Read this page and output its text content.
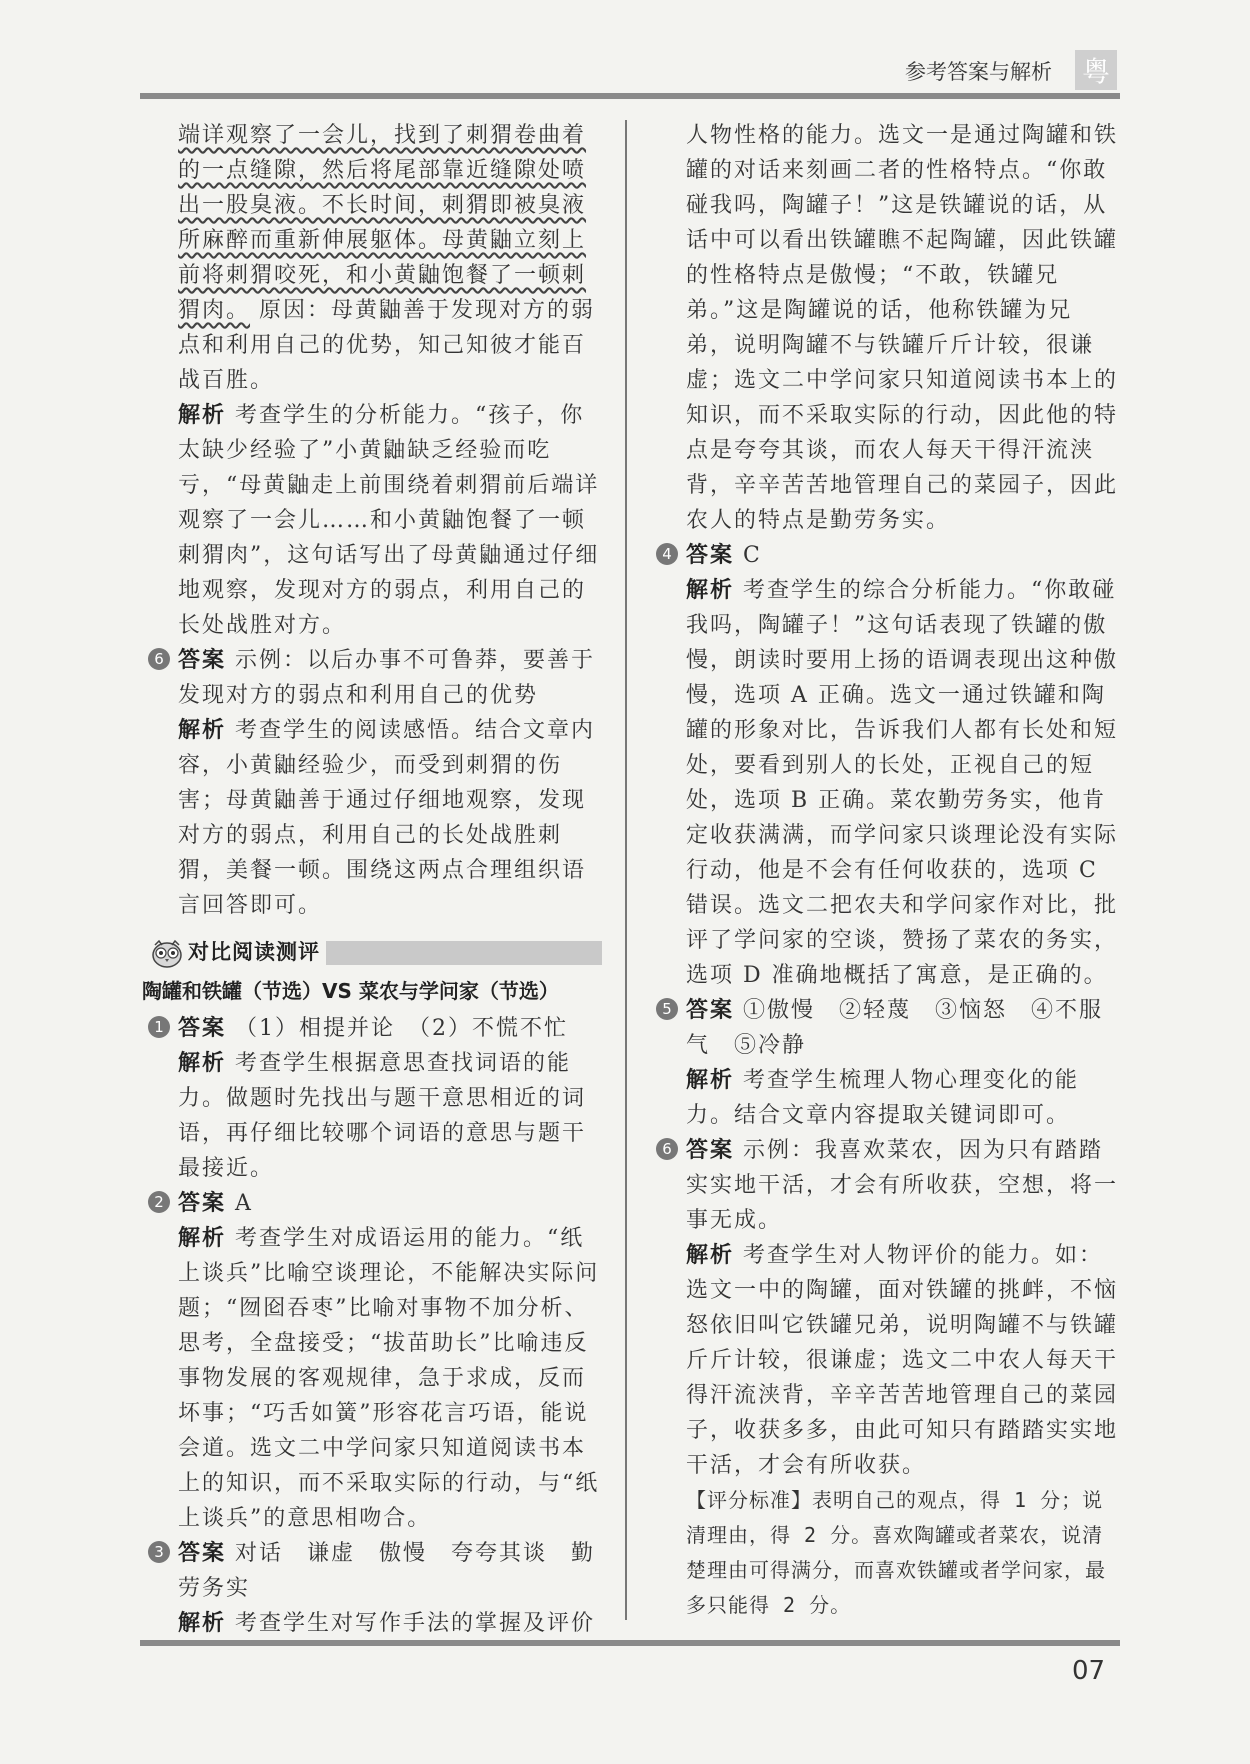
参考答案与解析 粤

端详观察了一会儿，找到了刺猬卷曲着的一点缝隙，然后将尾部靠近缝隙处喷出一股臭液。不长时间，刺猬即被臭液所麻醉而重新伸展躯体。母黄鼬立刻上前将刺猬咬死，和小黄鼬饱餐了一顿刺猬肉。 原因：母黄鼬善于发现对方的弱点和利用自己的优势，知己知彼才能百战百胜。

解析 考查学生的分析能力。“孩子，你太缺少经验了”小黄鼬缺乏经验而吃亏，“母黄鼬走上前围绕着刺猬前后端详观察了一会儿……和小黄鼬饱餐了一顿刺猬肉”，这句话写出了母黄鼬通过仔细地观察，发现对方的弱点，利用自己的长处战胜对方。

6 答案 示例：以后办事不可鲁莽，要善于发现对方的弱点和利用自己的优势
解析 考查学生的阅读感悟。结合文章内容，小黄鼬经验少，而受到刺猬的伤害；母黄鼬善于通过仔细地观察，发现对方的弱点，利用自己的长处战胜刺猬，美餐一顿。围绕这两点合理组织语言回答即可。
对比阅读测评
陶罐和铁罐（节选）VS 菜农与学问家（节选）
1 答案 （1）相提并论　（2）不慌不忙
解析 考查学生根据意思查找词语的能力。做题时先找出与题干意思相近的词语，再仔细比较哪个词语的意思与题干最接近。
2 答案 A
解析 考查学生对成语运用的能力。“纸上谈兵”比喻空谈理论，不能解决实际问题；“囫囵吞枣”比喻对事物不加分析、思考，全盘接受；“拔苗助长”比喻违反事物发展的客观规律，急于求成，反而坏事；“巧舌如簧”形容花言巧语，能说会道。选文二中学问家只知道阅读书本上的知识，而不采取实际的行动，与“纸上谈兵”的意思相吻合。
3 答案 对话　谦虚　傲慢　夸夸其谈　勤劳务实
解析 考查学生对写作手法的掌握及评价

人物性格的能力。选文一是通过陶罐和铁罐的对话来刻画二者的性格特点。“你敢碰我吗，陶罐子！”这是铁罐说的话，从话中可以看出铁罐瞧不起陶罐，因此铁罐的性格特点是傲慢；“不敢，铁罐兄弟。”这是陶罐说的话，他称铁罐为兄弟，说明陶罐不与铁罐斤斤计较，很谦虚；选文二中学问家只知道阅读书本上的知识，而不采取实际的行动，因此他的特点是夸夸其谈，而农人每天干得汗流浃背，辛辛苦苦地管理自己的菜园子，因此农人的特点是勤劳务实。

4 答案 C
解析 考查学生的综合分析能力。“你敢碰我吗，陶罐子！”这句话表现了铁罐的傲慢，朗读时要用上扬的语调表现出这种傲慢，选项 A 正确。选文一通过铁罐和陶罐的形象对比，告诉我们人都有长处和短处，要看到别人的长处，正视自己的短处，选项 B 正确。菜农勤劳务实，他肯定收获满满，而学问家只谈理论没有实际行动，他是不会有任何收获的，选项 C 错误。选文二把农夫和学问家作对比，批评了学问家的空谈，赞扬了菜农的务实，选项 D 准确地概括了寓意，是正确的。
5 答案 ①傲慢　②轻蔑　③恼怒　④不服气　⑤冷静
解析 考查学生梳理人物心理变化的能力。结合文章内容提取关键词即可。
6 答案 示例：我喜欢菜农，因为只有踏踏实实地干活，才会有所收获，空想，将一事无成。
解析 考查学生对人物评价的能力。如：选文一中的陶罐，面对铁罐的挑衅，不恼怒依旧叫它铁罐兄弟，说明陶罐不与铁罐斤斤计较，很谦虚；选文二中农人每天干得汗流浃背，辛辛苦苦地管理自己的菜园子，收获多多，由此可知只有踏踏实实地干活，才会有所收获。
【评分标准】表明自己的观点，得 1 分；说清理由，得 2 分。喜欢陶罐或者菜农，说清楚理由可得满分，而喜欢铁罐或者学问家，最多只能得 2 分。
07
